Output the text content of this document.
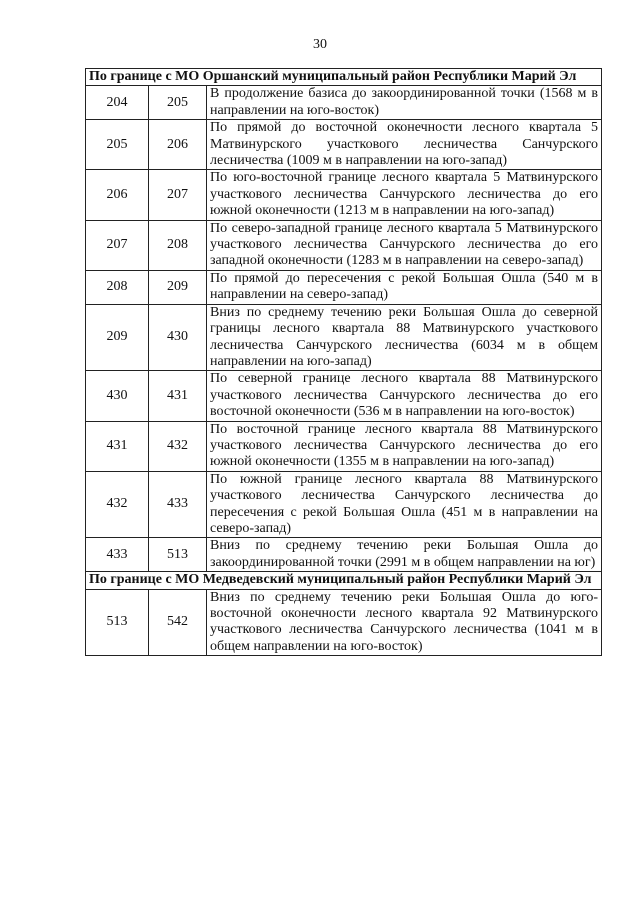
30
По границе с МО Оршанский муниципальный район Республики Марий Эл		
204	205	В продолжение базиса до закоординированной точки (1568 м в направлении на юго-восток)
205	206	По прямой до восточной оконечности лесного квартала 5 Матвинурского участкового лесничества Санчурского лесничества (1009 м в направлении на юго-запад)
206	207	По юго-восточной границе лесного квартала 5 Матвинурского участкового лесничества Санчурского лесничества до его южной оконечности (1213 м в направлении на юго-запад)
207	208	По северо-западной границе лесного квартала 5 Матвинурского участкового лесничества Санчурского лесничества до его западной оконечности (1283 м в направлении на северо-запад)
208	209	По прямой до пересечения с рекой Большая Ошла (540 м в направлении на северо-запад)
209	430	Вниз по среднему течению реки Большая Ошла до северной границы лесного квартала 88 Матвинурского участкового лесничества Санчурского лесничества (6034 м в общем направлении на юго-запад)
430	431	По северной границе лесного квартала 88 Матвинурского участкового лесничества Санчурского лесничества до его восточной оконечности (536 м в направлении на юго-восток)
431	432	По восточной границе лесного квартала 88 Матвинурского участкового лесничества Санчурского лесничества до его южной оконечности (1355 м в направлении на юго-запад)
432	433	По южной границе лесного квартала 88 Матвинурского участкового лесничества Санчурского лесничества до пересечения с рекой Большая Ошла (451 м в направлении на северо-запад)
433	513	Вниз по среднему течению реки Большая Ошла до закоординированной точки (2991 м в общем направлении на юг)
По границе с МО Медведевский муниципальный район Республики Марий Эл		
513	542	Вниз по среднему течению реки Большая Ошла до юго-восточной оконечности лесного квартала 92 Матвинурского участкового лесничества Санчурского лесничества (1041 м в общем направлении на юго-восток)
